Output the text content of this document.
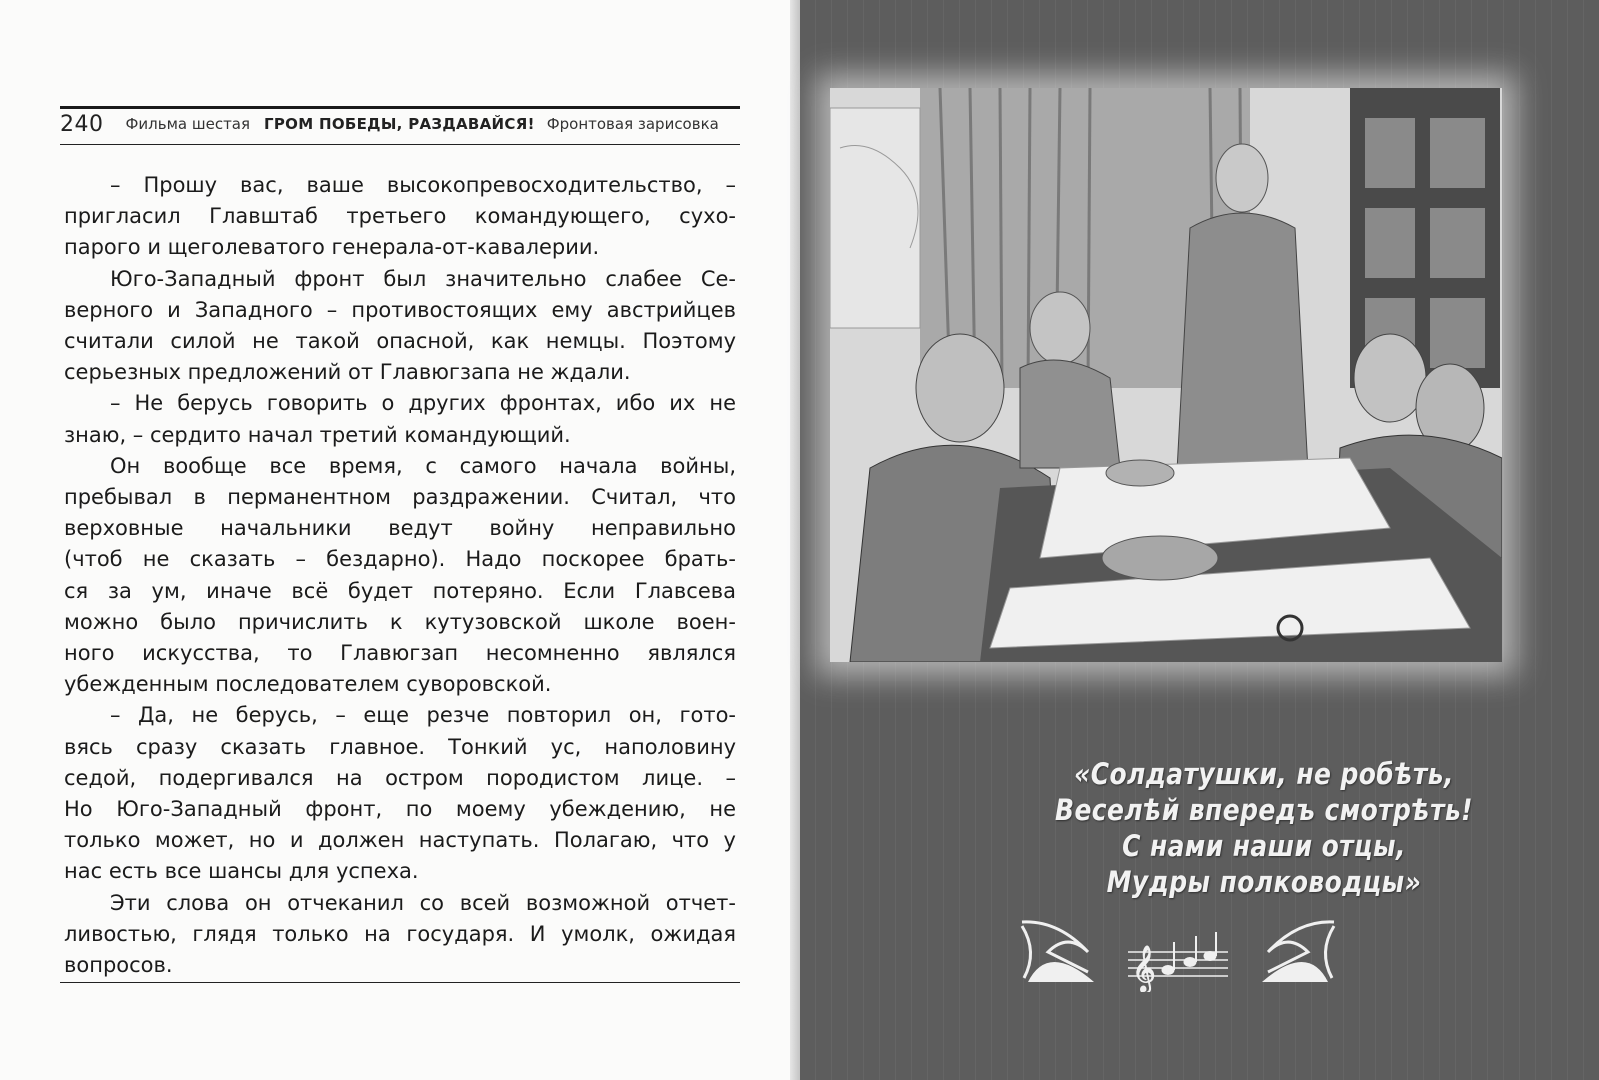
240 Фильма шестая ГРОМ ПОБЕДЫ, РАЗДАВАЙСЯ! Фронтовая зарисовка
– Прошу вас, ваше высокопревосходительство, –
пригласил Главштаб третьего командующего, сухо-
парого и щеголеватого генерала-от-кавалерии.
Юго-Западный фронт был значительно слабее Се-
верного и Западного – противостоящих ему австрийцев
считали силой не такой опасной, как немцы. Поэтому
серьезных предложений от Главюгзапа не ждали.
– Не берусь говорить о других фронтах, ибо их не
знаю, – сердито начал третий командующий.
Он вообще все время, с самого начала войны,
пребывал в перманентном раздражении. Считал, что
верховные начальники ведут войну неправильно
(чтоб не сказать – бездарно). Надо поскорее брать-
ся за ум, иначе всё будет потеряно. Если Главсева
можно было причислить к кутузовской школе воен-
ного искусства, то Главюгзап несомненно являлся
убежденным последователем суворовской.
– Да, не берусь, – еще резче повторил он, гото-
вясь сразу сказать главное. Тонкий ус, наполовину
седой, подергивался на остром породистом лице. –
Но Юго-Западный фронт, по моему убеждению, не
только может, но и должен наступать. Полагаю, что у
нас есть все шансы для успеха.
Эти слова он отчеканил со всей возможной отчет-
ливостью, глядя только на государя. И умолк, ожидая
вопросов.
«Солдатушки, не робѣть,
Веселѣй впередъ смотрѣть!
С нами наши отцы,
Мудры полководцы»
𝄞
